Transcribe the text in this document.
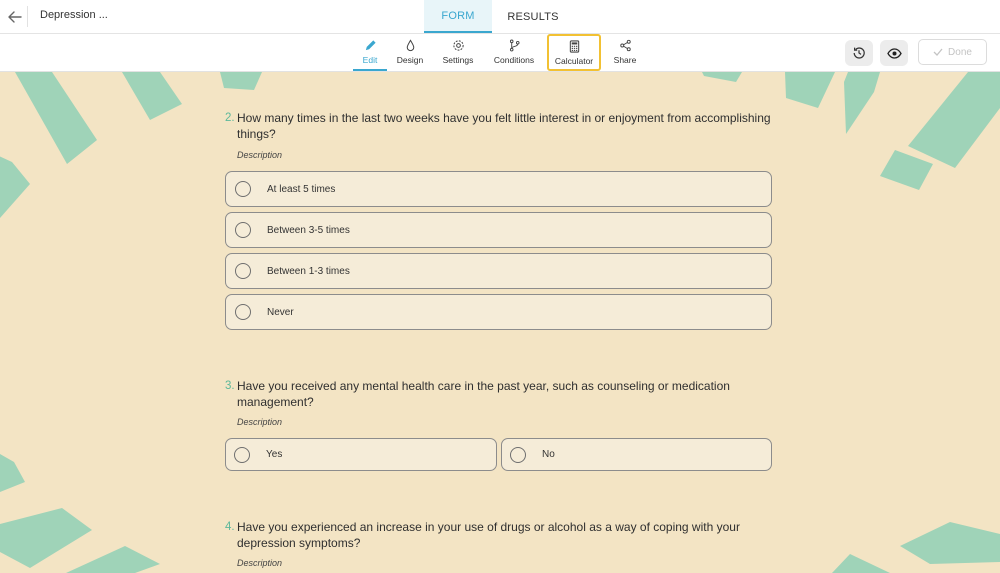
Depression ...	FORM	RESULTS
Edit Design Settings Conditions Calculator Share
Done
2. How many times in the last two weeks have you felt little interest in or enjoyment from accomplishing things?
Description
At least 5 times
Between 3-5 times
Between 1-3 times
Never
3. Have you received any mental health care in the past year, such as counseling or medication management?
Description
Yes	No
4. Have you experienced an increase in your use of drugs or alcohol as a way of coping with your depression symptoms?
Description
